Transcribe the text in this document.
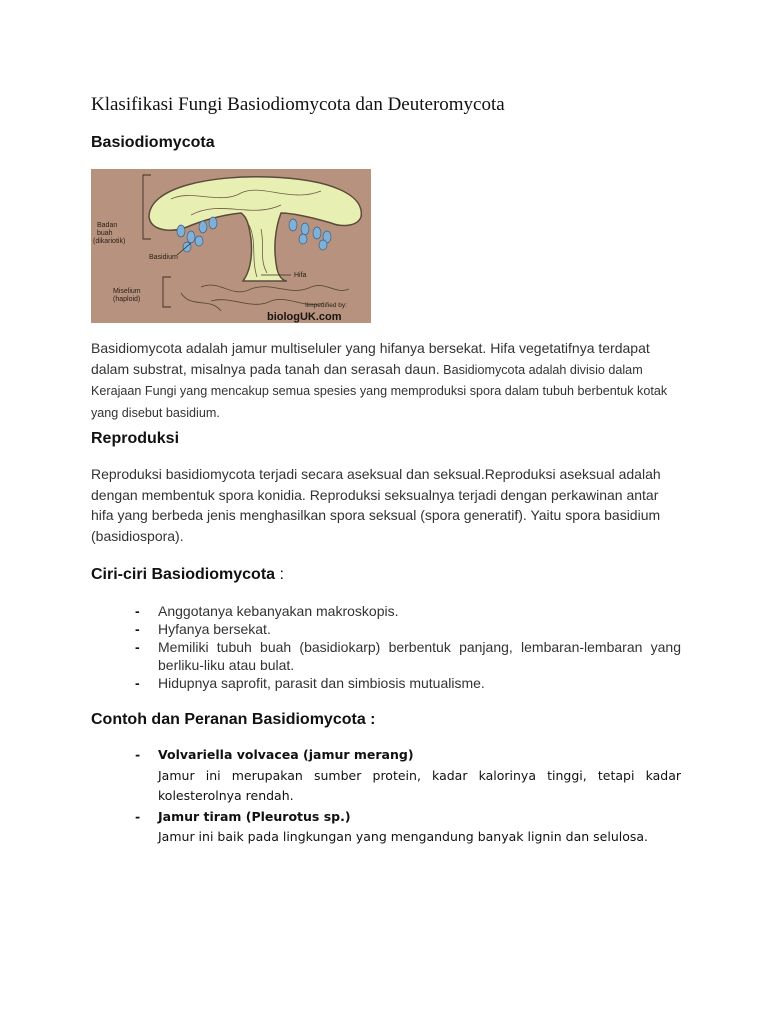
Klasifikasi Fungi Basiodiomycota dan Deuteromycota
Basiodiomycota
Badan buah (dikariotik)
Basidium
Hifa
Miselium (haploid)
Ilmpedified by:
biologUK.com

Basidiomycota adalah jamur multiseluler yang hifanya bersekat. Hifa vegetatifnya terdapat dalam substrat, misalnya pada tanah dan serasah daun. Basidiomycota adalah divisio dalam Kerajaan Fungi yang mencakup semua spesies yang memproduksi spora dalam tubuh berbentuk kotak yang disebut basidium.

Reproduksi

Reproduksi basidiomycota terjadi secara aseksual dan seksual.Reproduksi aseksual adalah dengan membentuk spora konidia. Reproduksi seksualnya terjadi dengan perkawinan antar hifa yang berbeda jenis menghasilkan spora seksual (spora generatif). Yaitu spora basidium (basidiospora).

Ciri-ciri Basiodiomycota :
- Anggotanya kebanyakan makroskopis.
- Hyfanya bersekat.
- Memiliki tubuh buah (basidiokarp) berbentuk panjang, lembaran-lembaran yang berliku-liku atau bulat.
- Hidupnya saprofit, parasit dan simbiosis mutualisme.
Contoh dan Peranan Basidiomycota :
- Volvariella volvacea (jamur merang)
Jamur ini merupakan sumber protein, kadar kalorinya tinggi, tetapi kadar kolesterolnya rendah.
- Jamur tiram (Pleurotus sp.)
Jamur ini baik pada lingkungan yang mengandung banyak lignin dan selulosa.
